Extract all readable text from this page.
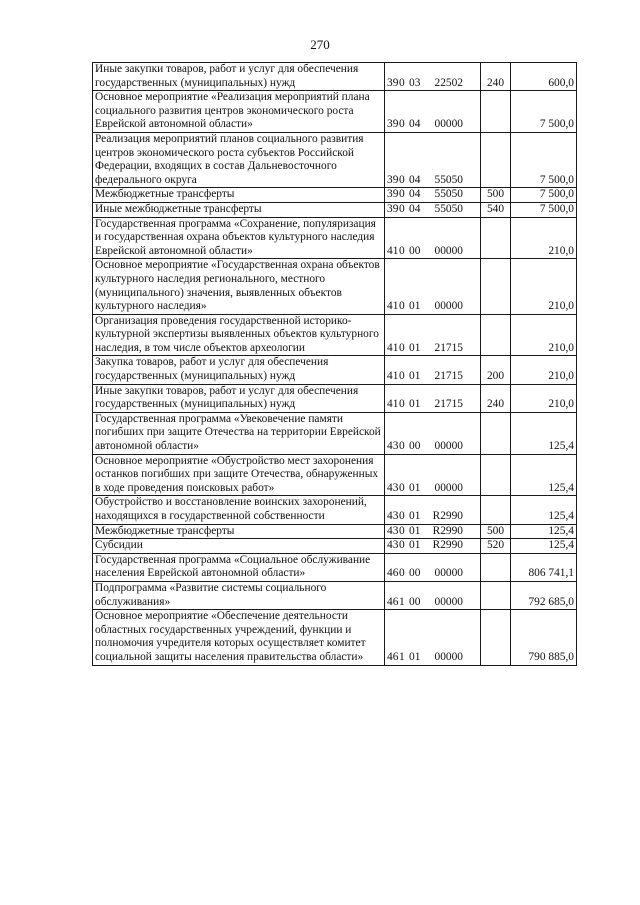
270
Иные закупки товаров, работ и услуг для обеспечения государственных (муниципальных) нужд	390 03 22502	240	600,0
Основное мероприятие «Реализация мероприятий плана социального развития центров экономического роста Еврейской автономной области»	390 04 00000		7 500,0
Реализация мероприятий планов социального развития центров экономического роста субъектов Российской Федерации, входящих в состав Дальневосточного федерального округа	390 04 55050		7 500,0
Межбюджетные трансферты	390 04 55050	500	7 500,0
Иные межбюджетные трансферты	390 04 55050	540	7 500,0
Государственная программа «Сохранение, популяризация и государственная охрана объектов культурного наследия Еврейской автономной области»	410 00 00000		210,0
Основное мероприятие «Государственная охрана объектов культурного наследия регионального, местного (муниципального) значения, выявленных объектов культурного наследия»	410 01 00000		210,0
Организация проведения государственной историко-культурной экспертизы выявленных объектов культурного наследия, в том числе объектов археологии	410 01 21715		210,0
Закупка товаров, работ и услуг для обеспечения государственных (муниципальных) нужд	410 01 21715	200	210,0
Иные закупки товаров, работ и услуг для обеспечения государственных (муниципальных) нужд	410 01 21715	240	210,0
Государственная программа «Увековечение памяти погибших при защите Отечества на территории Еврейской автономной области»	430 00 00000		125,4
Основное мероприятие «Обустройство мест захоронения останков погибших при защите Отечества, обнаруженных в ходе проведения поисковых работ»	430 01 00000		125,4
Обустройство и восстановление воинских захоронений, находящихся в государственной собственности	430 01 R2990		125,4
Межбюджетные трансферты	430 01 R2990	500	125,4
Субсидии	430 01 R2990	520	125,4
Государственная программа «Социальное обслуживание населения Еврейской автономной области»	460 00 00000		806 741,1
Подпрограмма «Развитие системы социального обслуживания»	461 00 00000		792 685,0
Основное мероприятие «Обеспечение деятельности областных государственных учреждений, функции и полномочия учредителя которых осуществляет комитет социальной защиты населения правительства области»	461 01 00000		790 885,0
